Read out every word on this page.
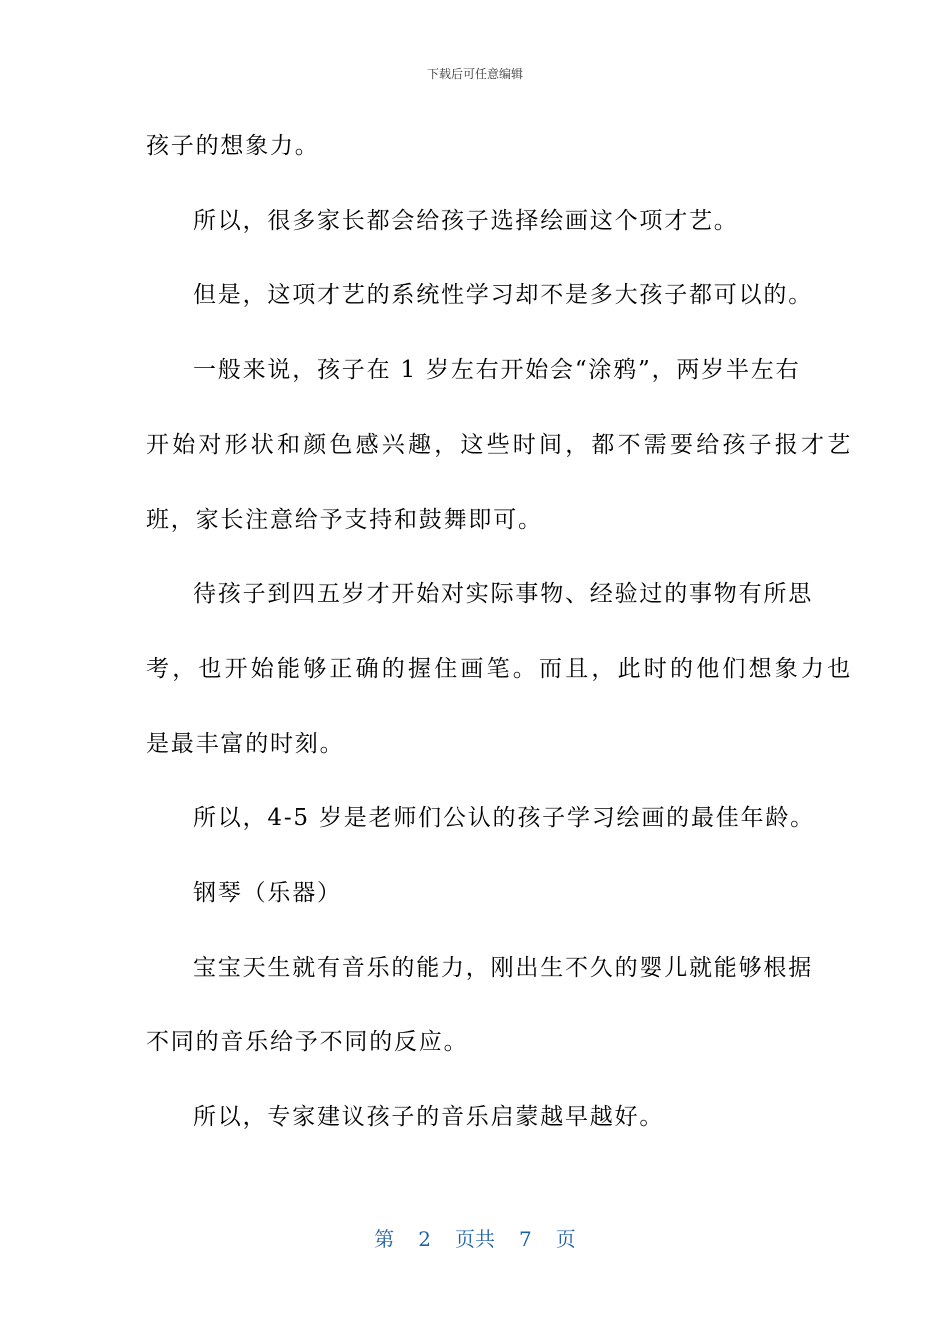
下载后可任意编辑
孩子的想象力。
所以，很多家长都会给孩子选择绘画这个项才艺。
但是，这项才艺的系统性学习却不是多大孩子都可以的。
一般来说，孩子在 1 岁左右开始会“涂鸦”，两岁半左右
开始对形状和颜色感兴趣，这些时间，都不需要给孩子报才艺
班，家长注意给予支持和鼓舞即可。
待孩子到四五岁才开始对实际事物、经验过的事物有所思
考，也开始能够正确的握住画笔。而且，此时的他们想象力也
是最丰富的时刻。
所以，4-5 岁是老师们公认的孩子学习绘画的最佳年龄。
钢琴（乐器）
宝宝天生就有音乐的能力，刚出生不久的婴儿就能够根据
不同的音乐给予不同的反应。
所以，专家建议孩子的音乐启蒙越早越好。
第 2 页共 7 页
